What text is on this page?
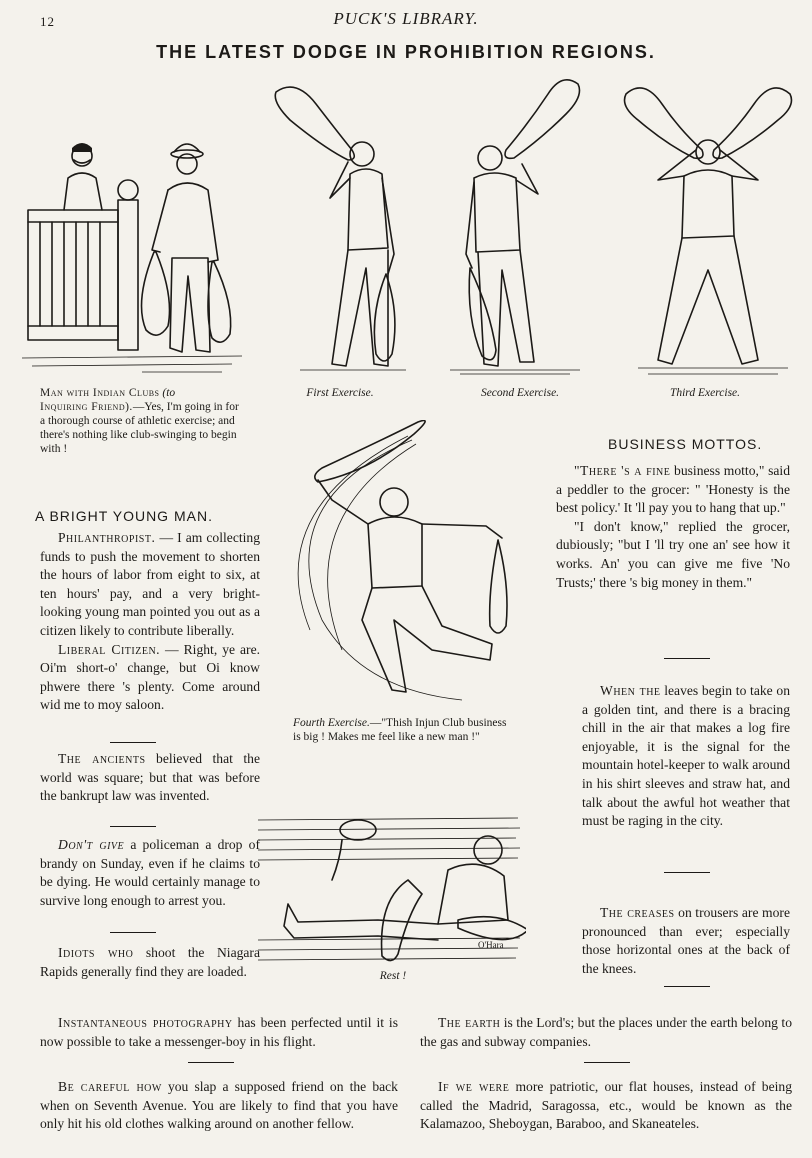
12	PUCK'S LIBRARY.
THE LATEST DODGE IN PROHIBITION REGIONS.
Man with Indian Clubs (to
Inquiring Friend).—Yes, I'm going in for a thorough course of athletic exercise; and there's nothing like club-swinging to begin with !
First Exercise.	Second Exercise.	Third Exercise.
Fourth Exercise.—"Thish Injun Club business is big ! Makes me feel like a new man !"
O'Hara
Rest !
A BRIGHT YOUNG MAN.

Philanthropist. — I am collecting funds to push the movement to shorten the hours of labor from eight to six, at ten hours' pay, and a very bright-looking young man pointed you out as a citizen likely to contribute liberally.

Liberal Citizen. — Right, ye are. Oi'm short-o' change, but Oi know phwere there 's plenty. Come around wid me to moy saloon.

The ancients believed that the world was square; but that was before the bankrupt law was invented.

Don't give a policeman a drop of brandy on Sunday, even if he claims to be dying. He would certainly manage to survive long enough to arrest you.

Idiots who shoot the Niagara Rapids generally find they are loaded.

BUSINESS MOTTOS.

"There 's a fine business motto," said a peddler to the grocer: " 'Honesty is the best policy.' It 'll pay you to hang that up."

"I don't know," replied the grocer, dubiously; "but I 'll try one an' see how it works. An' you can give me five 'No Trusts;' there 's big money in them."

When the leaves begin to take on a golden tint, and there is a bracing chill in the air that makes a log fire enjoyable, it is the signal for the mountain hotel-keeper to walk around in his shirt sleeves and straw hat, and talk about the awful hot weather that must be raging in the city.

The creases on trousers are more pronounced than ever; especially those horizontal ones at the back of the knees.

Instantaneous photography has been perfected until it is now possible to take a messenger-boy in his flight.

Be careful how you slap a supposed friend on the back when on Seventh Avenue. You are likely to find that you have only hit his old clothes walking around on another fellow.

The earth is the Lord's; but the places under the earth belong to the gas and subway companies.

If we were more patriotic, our flat houses, instead of being called the Madrid, Saragossa, etc., would be known as the Kalamazoo, Sheboygan, Baraboo, and Skaneateles.
